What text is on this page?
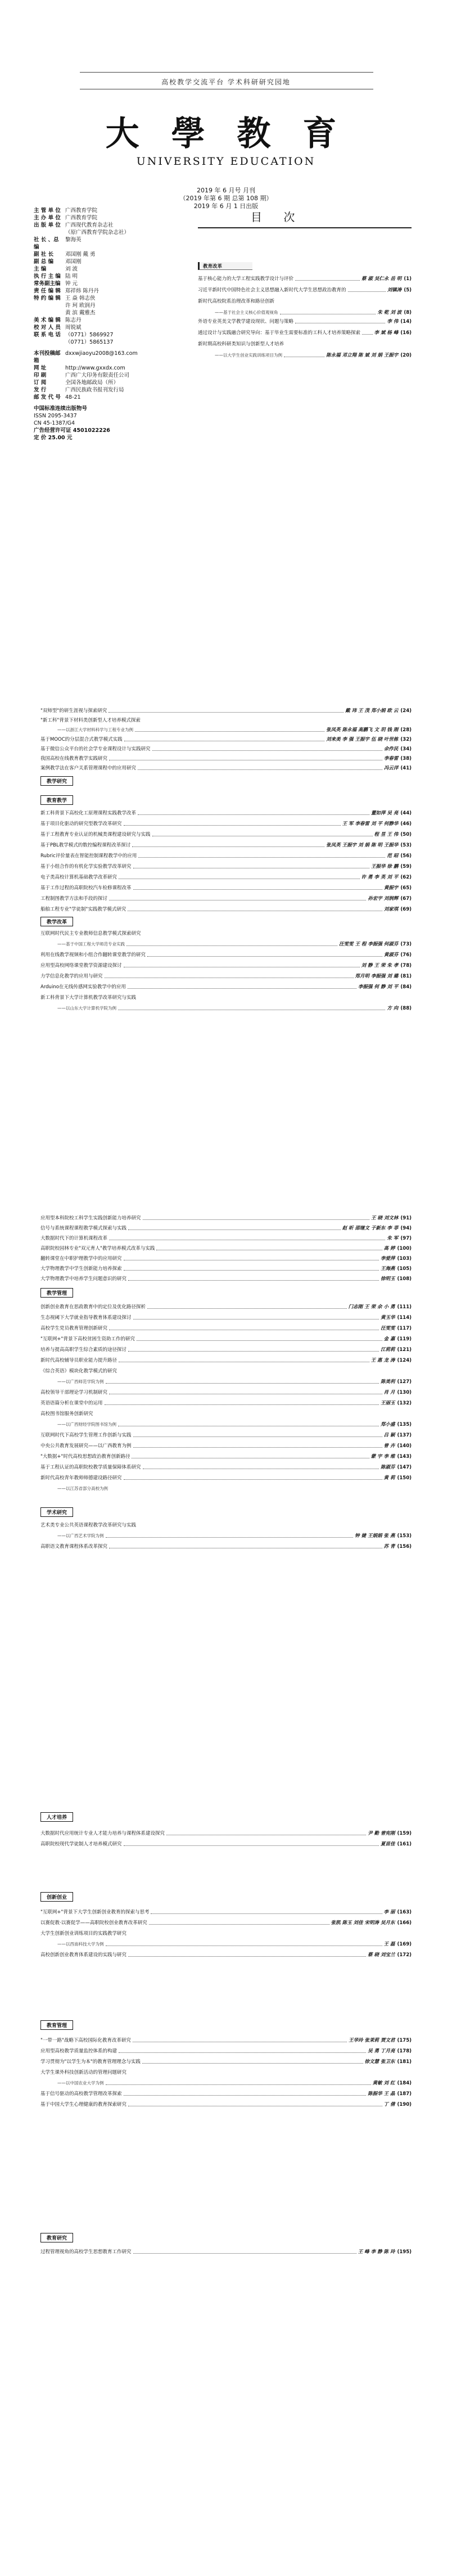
高校教学交流平台 学术科研研究园地
大 學 教 育
UNIVERSITY EDUCATION
2019 年 6 月号 月刊
（2019 年第 6 期 总第 108 期）
2019 年 6 月 1 日出版
主 管 单 位 广西教育学院
主 办 单 位 广西教育学院
出 版 单 位 广西现代教育杂志社
（原广西教育学院杂志社）
社 长 、总 编
黎海英
副 社 长	邓国刚 戴 勇
副 总 编	邓国刚
主 编	刘 波
执 行 主 编 陆 明
常务副主编 钟 元
责 任 编 辑 郑祥炜 陈丹丹
特 约 编 辑 王 焱 韩志侠
许 珂 欧润丹
黄 滨 戴雅杰
美 术 编 辑 陈志丹
校 对 人 员 周锐斌
联 系 电 话 （0771）5869927
（0771）5865137
本刊投稿邮箱
dxxwjiaoyu2008@163.com
网 址	http://www.gxxdx.com
印 刷	广西广大印务有限责任公司
订 阅	全国各地邮政局（所）
发 行	广西民族政书报刊发行局
邮 发 代 号 48-21
中国标准连续出版物号
ISSN 2095-3437
CN 45-1387/G4
广告经营许可证 4501022226
定 价 25.00 元
目 次
教育改革
基于核心能力的大学工程实践教学设计与评价	蔡 淑 吴仁永 岳 明 (1)
习近平新时代中国特色社会主义思想融入新时代大学生思想政治教育的	刘镇涛 (5)
新时代高校院系治理改革和路径创新
——基于社会主义核心价值观视角	朱 乾 刘 波 (8)
外语专业英美文学教学建设现状、问题与策略	李 伟 (14)
通过设计与实践融合研究导向：基于毕业生需要标准的工科人才培养策略探索	李 斌 杨 峰 (16)
新时期高校科研类知识与创新型人才培养
——以大学生创业实践训练项目为例	陈永福 邓立翔 陈 斌 刘 娟 王振宇 (20)
"双师型"的研生涯视与探索研究	戴 玮 王 茂 郑小娟 欧 云 (24)
"新工科"背景下材料类创新型人才培养模式探索
——以浙江大学材料科学与工程专业为例	张凤英 陈永福 高鹏飞 文 玥 钱 刚 (28)
基于MOOC的分层混合式教学模式实践	刘来美 李 强 王振宇 伍 晓 叶世栋 (32)
基于微信公众平台的社会学专业课程设计与实践研究	余作民 (34)
我国高校在线教育教学实践研究	李春雷 (38)
案例教学法在客户关系管理课程中的应用研究	冯云洋 (41)
教学研究
教育教学
新工科背景下高校化工原理课程实践教学改革	董如萍 吴 亮 (44)
基于项目化驱动的研究型教学改革研究	王 军 李春雷 刘 平 何静华 (46)
基于工程教育专业认证的机械类课程建设研究与实践	程 昱 王 伟 (50)
基于PBL教学模式的数控编程课程改革探讨	张凤英 王振宇 刘 娟 陈 明 王振华 (53)
Rubric评价量表在智能控制课程教学中的应用	范 昭 (56)
基于小组合作的有机化学实验教学改革研究	王振华 徐 鹏 (59)
电子类高校计算机基础教学改革研究	许 勇 李 英 刘 平 (62)
基于工作过程的高职院校汽车检修课程改革	黄振宇 (65)
工程制图教学方法和手段的探讨	孙宏宇 刘润辉 (67)
船舶工程专业"学徒制"实践教学模式研究	刘家琪 (69)
教学改革
互联网时代民主专业教师信息教学模式探索研究
——基于中国工程大学师范专业实践	汪雯雯 王 程 李振强 何淑芬 (73)
利用在线教学视频和小组合作翻转课堂教学的研究	黄淑芬 (76)
应用型高校网络课堂教学资源建设探讨	刘 静 王 荣 朱 孝 (78)
力学信息化教学的应用与研究	郑月明 李振强 刘 璐 (81)
Arduino在无线传感网实验教学中的应用	李振强 何 静 刘 平 (84)
新工科背景下大学计算机教学改革研究与实践
——以山东大学计算机学院为例	方 向 (88)
应用型本科院校工科学生实践创新能力培养研究	王 晓 刘文林 (91)
信号与系统课程课程教学模式探索与实践	赵 昕 邵继文 于新东 李 菲 (94)
大数据时代下的计算机课程改革	朱 军 (97)
高职院校园林专业"双元育人"教学培养模式改革与实践	高 婷 (100)
翻转课堂在中职护理教学中的应用研究	李爱萍 (103)
大学物理教学中学生创新能力培养探索	王海燕 (105)
大学物理教学中培养学生问题意识的研究	徐明玉 (108)
教学管理
创新创业教育在思政教育中的定位及优化路径探析	门志刚 王 荣 余 小 勇 (111)
生态视阈下大学就业指导教育体系建设探讨	黄玉华 (114)
高校学生党员教育管理创新研究	汪雯雯 (117)
"互联网+"背景下高校贫困生资助工作的研究	金 嘉 (119)
培养与提高高职学生综合素质的途径探讨	江莉莉 (121)
新时代高校辅导员职业能力提升路径	王 惠 龙 涛 (124)
《综合英语》模块化教学模式的研究
——以广西师范学院为例	陈美利 (127)
高校领导干部理论学习机制研究	肖 月 (130)
英语语篇分析在课堂中的运用	王丽玉 (132)
高校图书馆服务创新研究
——以广西财经学院图书馆为例	郑小盛 (135)
互联网时代下高校学生管理工作创新与实践	吕 颖 (137)
中央公共教育发展研究——以广西教育为例	曾 卉 (140)
"大数据+"时代高校思想政治教育创新路径	蒙 宇 李 维 (143)
基于工程认证的高职院校教学质量保障体系研究	陈淑芬 (147)
新时代高校青年教师师德建设路径研究	黄 莉 (150)
——以江苏省部分高校为例
学术研究
艺术类专业公共英语课程教学改革研究与实践
——以广西艺术学院为例	钟 婕 王娟娟 张 燕 (153)
高职语文教育课程体系改革探究	苏 青 (156)
人才培养
大数据时代应用统计专业人才能力培养与课程体系建设探究	尹 勤 曾宪刚 (159)
高职院校现代学徒制人才培养模式研究	夏苗佳 (161)
创新创业
"互联网+"背景下大学生创新创业教育的探索与思考	李 丽 (163)
以赛促教·以赛促学——高职院校创业教育改革研究	张凯 陈玉 刘佳 宋明涛 吴月东 (166)
大学生创新创业训练项目的实践教学研究
——以西南科技大学为例	王 磊 (169)
高校创新创业教育体系建设的实践与研究	蔡 晓 刘宝兰 (172)
教育管理
"一带一路"战略下高校国际化教育改革研究	王华玲 张茉莉 贾文君 (175)
应用型高校教学质量监控体系的构建	吴 勇 丁月亮 (178)
学习贯彻为"以学生为本"的教育管理理念与实践	徐文慧 张卫东 (181)
大学生课外科技创新活动的管理问题研究
——以中国农业大学为例	黄敏 刘 红 (184)
基于信号驱动的高校教学管理改革探索	陈振华 王 晶 (187)
基于中国大学生心理健康的教育探索研究	丁 倩 (190)
教育研究
过程管理视角的高校学生思想教育工作研究	王 峰 李 静 陈 玲 (195)
